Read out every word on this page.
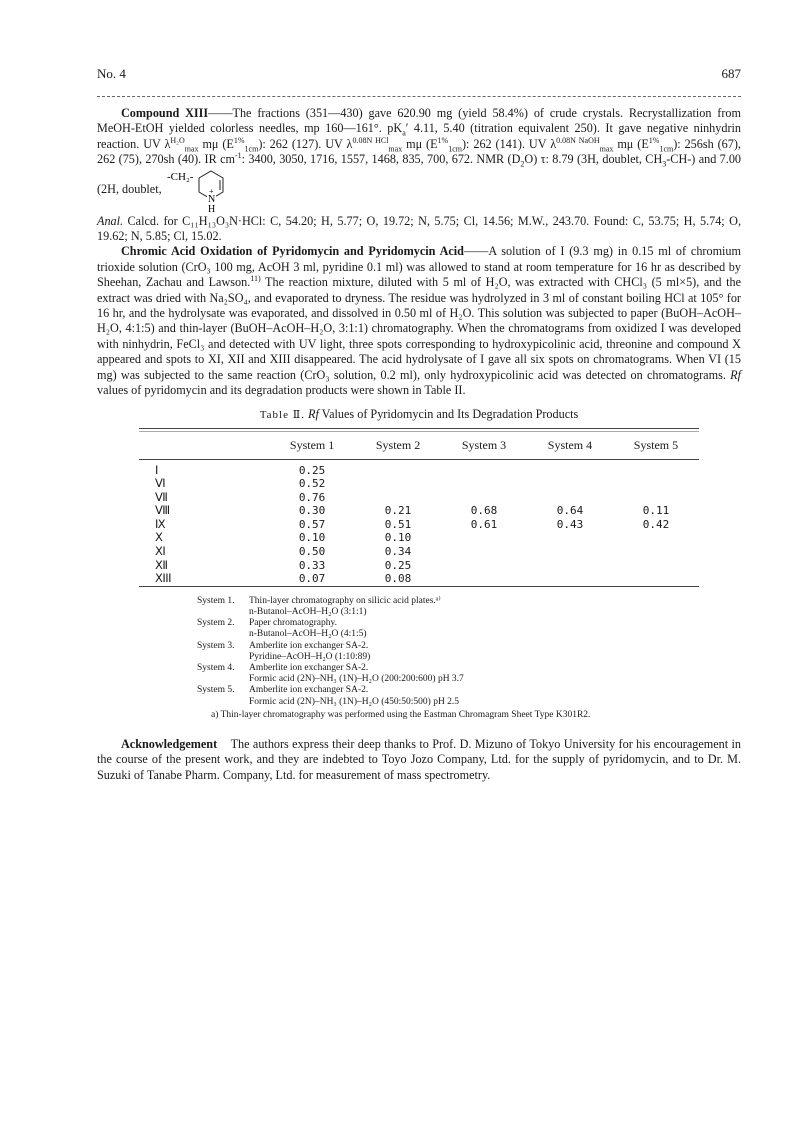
No. 4	687

Compound XIII——The fractions (351—430) gave 620.90 mg (yield 58.4%) of crude crystals. Recrystallization from MeOH-EtOH yielded colorless needles, mp 160—161°. $pK_a'$ 4.11, 5.40 (titration equivalent 250). It gave negative ninhydrin reaction. UV $\lambda^{H_2O}_{max}$ mμ $(E^{1\%}_{1cm})$: 262 (127). UV $\lambda^{0.08N HCl}_{max}$ mμ $(E^{1\%}_{1cm})$: 262 (141). UV $\lambda^{0.08N NaOH}_{max}$ mμ $(E^{1\%}_{1cm})$: 256sh (67), 262 (75), 270sh (40). IR $cm^{-1}$: 3400, 3050, 1716, 1557, 1468, 835, 700, 672. NMR $(D_2O)$ τ: 8.79 (3H, doublet, $CH_3-CH-$) and 7.00 (2H, doublet,
-CH₂-
N
+
H

Anal. Calcd. for C₁₁H₁₃O₃N·HCl: C, 54.20; H, 5.77; O, 19.72; N, 5.75; Cl, 14.56; M.W., 243.70. Found: C, 53.75; H, 5.74; O, 19.62; N, 5.85; Cl, 15.02.

Chromic Acid Oxidation of Pyridomycin and Pyridomycin Acid——A solution of I (9.3 mg) in 0.15 ml of chromium trioxide solution (CrO₃ 100 mg, AcOH 3 ml, pyridine 0.1 ml) was allowed to stand at room temperature for 16 hr as described by Sheehan, Zachau and Lawson.$^{11)}$ The reaction mixture, diluted with 5 ml of H₂O, was extracted with CHCl₃ (5 ml×5), and the extract was dried with Na₂SO₄, and evaporated to dryness. The residue was hydrolyzed in 3 ml of constant boiling HCl at 105° for 16 hr, and the hydrolysate was evaporated, and dissolved in 0.50 ml of H₂O. This solution was subjected to paper (BuOH–AcOH–H₂O, 4:1:5) and thin-layer (BuOH–AcOH–H₂O, 3:1:1) chromatography. When the chromatograms from oxidized I was developed with ninhydrin, FeCl₃ and detected with UV light, three spots corresponding to hydroxypicolinic acid, threonine and compound X appeared and spots to XI, XII and XIII disappeared. The acid hydrolysate of I gave all six spots on chromatograms. When VI (15 mg) was subjected to the same reaction (CrO₃ solution, 0.2 ml), only hydroxypicolinic acid was detected on chromatograms. Rf values of pyridomycin and its degradation products were shown in Table II.

Table Ⅱ. Rf Values of Pyridomycin and Its Degradation Products

	System 1	System 2	System 3	System 4	System 5

Ⅰ	0.25				
Ⅵ	0.52				
Ⅶ	0.76				
Ⅷ	0.30	0.21	0.68	0.64	0.11
Ⅸ	0.57	0.51	0.61	0.43	0.42
Ⅹ	0.10	0.10			
Ⅺ	0.50	0.34			
Ⅻ	0.33	0.25			
XIII	0.07	0.08			

System 1.	Thin-layer chromatography on silicic acid plates.ᵃ⁾
n-Butanol–AcOH–H₂O (3:1:1)
System 2.	Paper chromatography.
n-Butanol–AcOH–H₂O (4:1:5)
System 3.	Amberlite ion exchanger SA-2.
Pyridine–AcOH–H₂O (1:10:89)
System 4.	Amberlite ion exchanger SA-2.
Formic acid (2N)–NH₃ (1N)–H₂O (200:200:600) pH 3.7
System 5.	Amberlite ion exchanger SA-2.
Formic acid (2N)–NH₃ (1N)–H₂O (450:50:500) pH 2.5
a) Thin-layer chromatography was performed using the Eastman Chromagram Sheet Type K301R2.

Acknowledgement The authors express their deep thanks to Prof. D. Mizuno of Tokyo University for his encouragement in the course of the present work, and they are indebted to Toyo Jozo Company, Ltd. for the supply of pyridomycin, and to Dr. M. Suzuki of Tanabe Pharm. Company, Ltd. for measurement of mass spectrometry.
